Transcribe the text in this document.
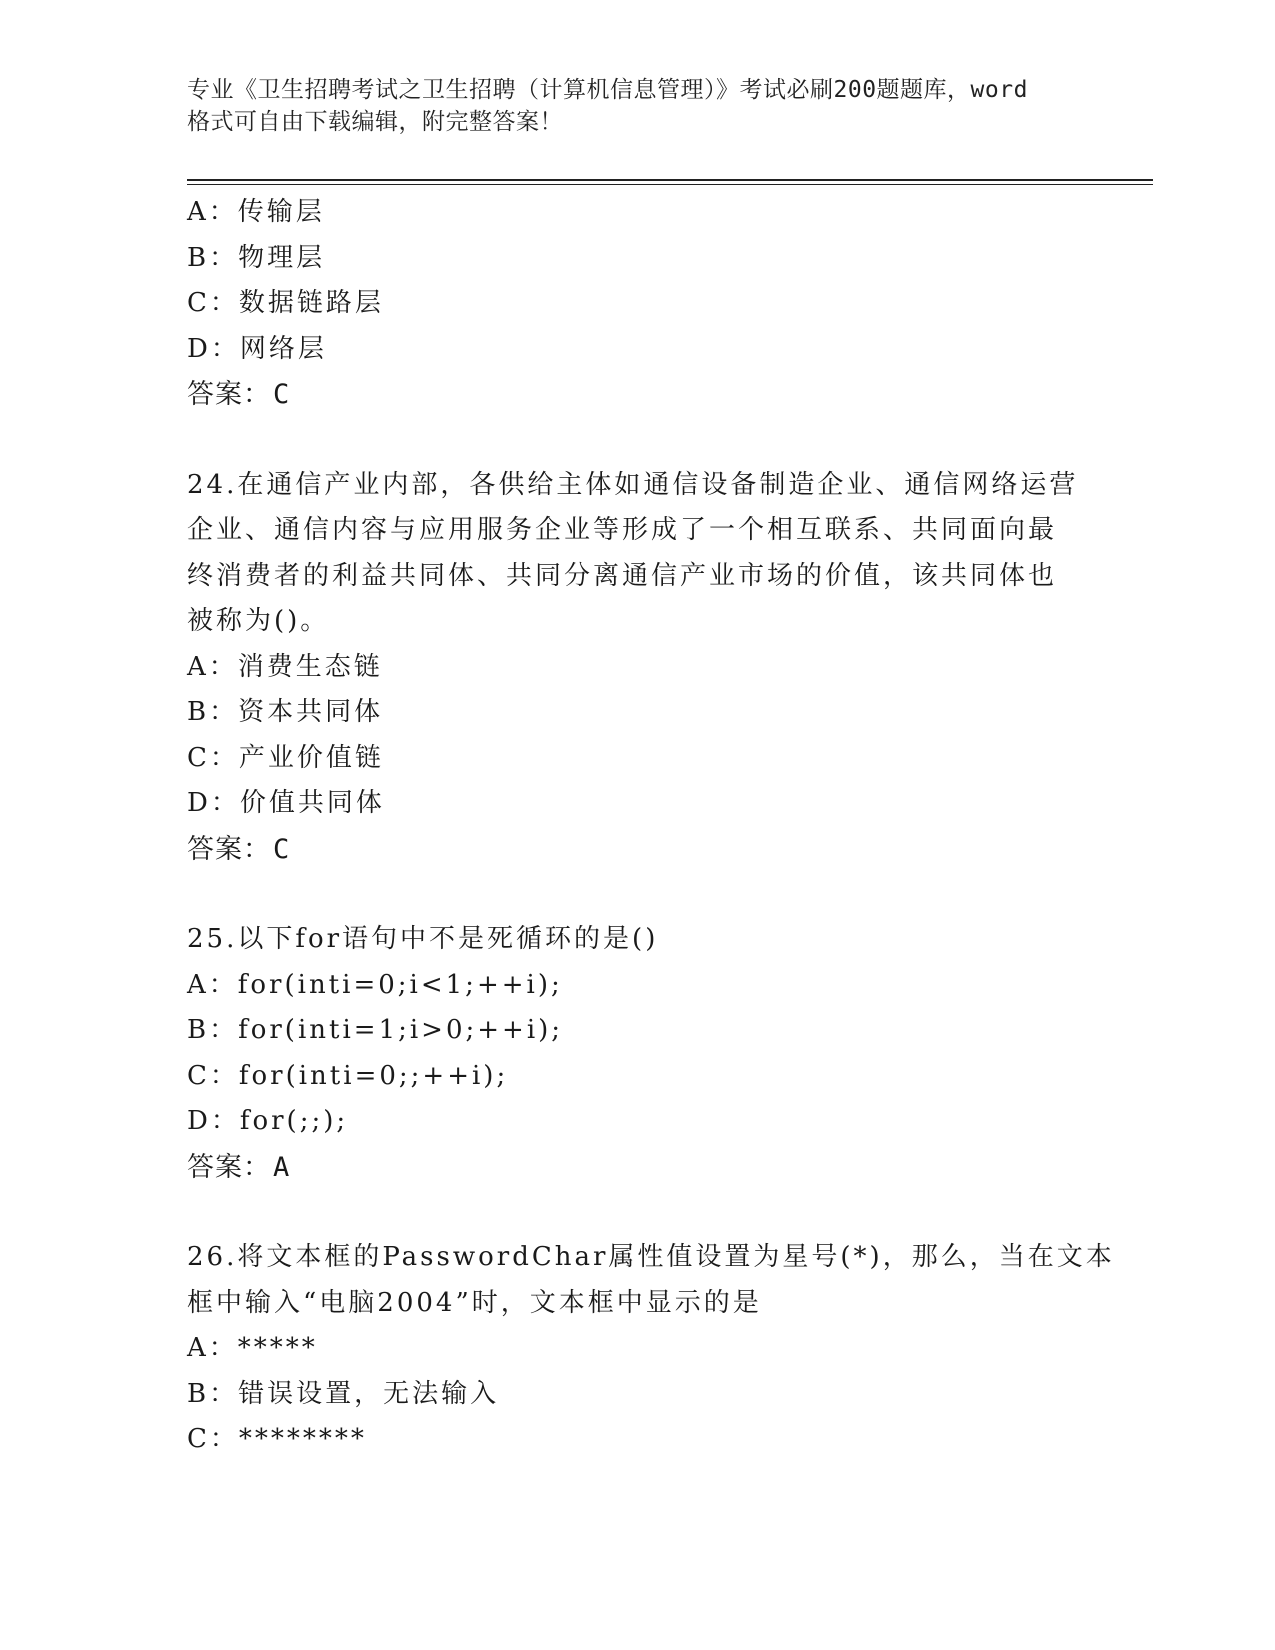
专业《卫生招聘考试之卫生招聘（计算机信息管理）》考试必刷200题题库，word
格式可自由下载编辑，附完整答案！
A：传输层
B：物理层
C：数据链路层
D：网络层
答案：C
24.在通信产业内部，各供给主体如通信设备制造企业、通信网络运营
企业、通信内容与应用服务企业等形成了一个相互联系、共同面向最
终消费者的利益共同体、共同分离通信产业市场的价值，该共同体也
被称为()。
A：消费生态链
B：资本共同体
C：产业价值链
D：价值共同体
答案：C
25.以下for语句中不是死循环的是()
A：for(inti=0;i<1;++i);
B：for(inti=1;i>0;++i);
C：for(inti=0;;++i);
D：for(;;);
答案：A
26.将文本框的PasswordChar属性值设置为星号(*)，那么，当在文本
框中输入“电脑2004”时，文本框中显示的是
A：*****
B：错误设置，无法输入
C：********
